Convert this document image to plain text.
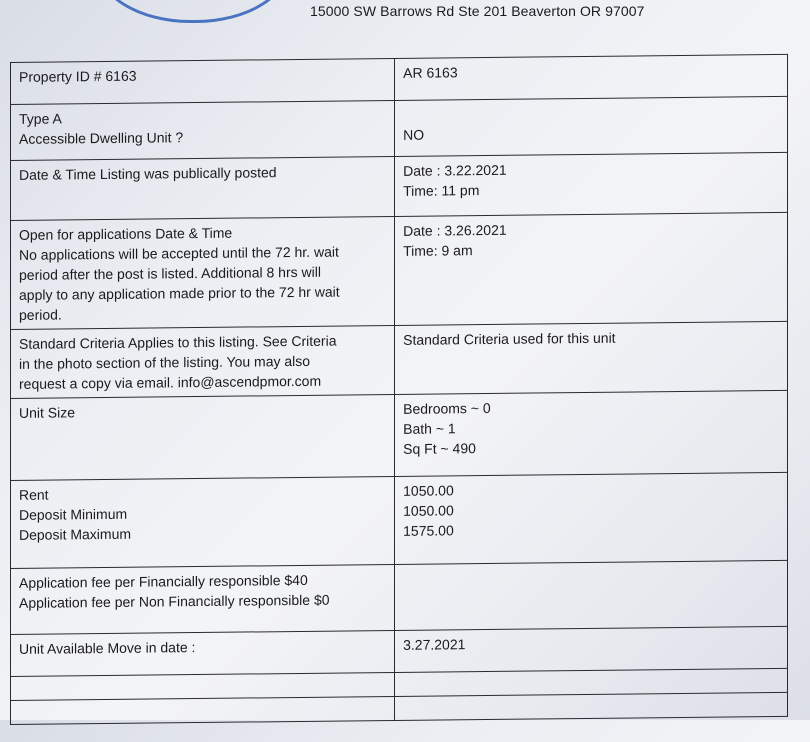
15000 SW Barrows Rd Ste 201 Beaverton OR 97007
Property ID # 6163	AR 6163

Type A
Accessible Dwelling Unit ?	NO

Date & Time Listing was publically posted	Date : 3.22.2021
Time: 11 pm

Open for applications Date & Time
No applications will be accepted until the 72 hr. wait
period after the post is listed. Additional 8 hrs will
apply to any application made prior to the 72 hr wait
period.	Date : 3.26.2021
Time: 9 am

Standard Criteria Applies to this listing. See Criteria
in the photo section of the listing. You may also
request a copy via email. info@ascendpmor.com	Standard Criteria used for this unit

Unit Size	Bedrooms ~ 0
Bath ~ 1
Sq Ft ~ 490

Rent
Deposit Minimum
Deposit Maximum	1050.00
1050.00
1575.00

Application fee per Financially responsible $40
Application fee per Non Financially responsible $0	

Unit Available Move in date :	3.27.2021
